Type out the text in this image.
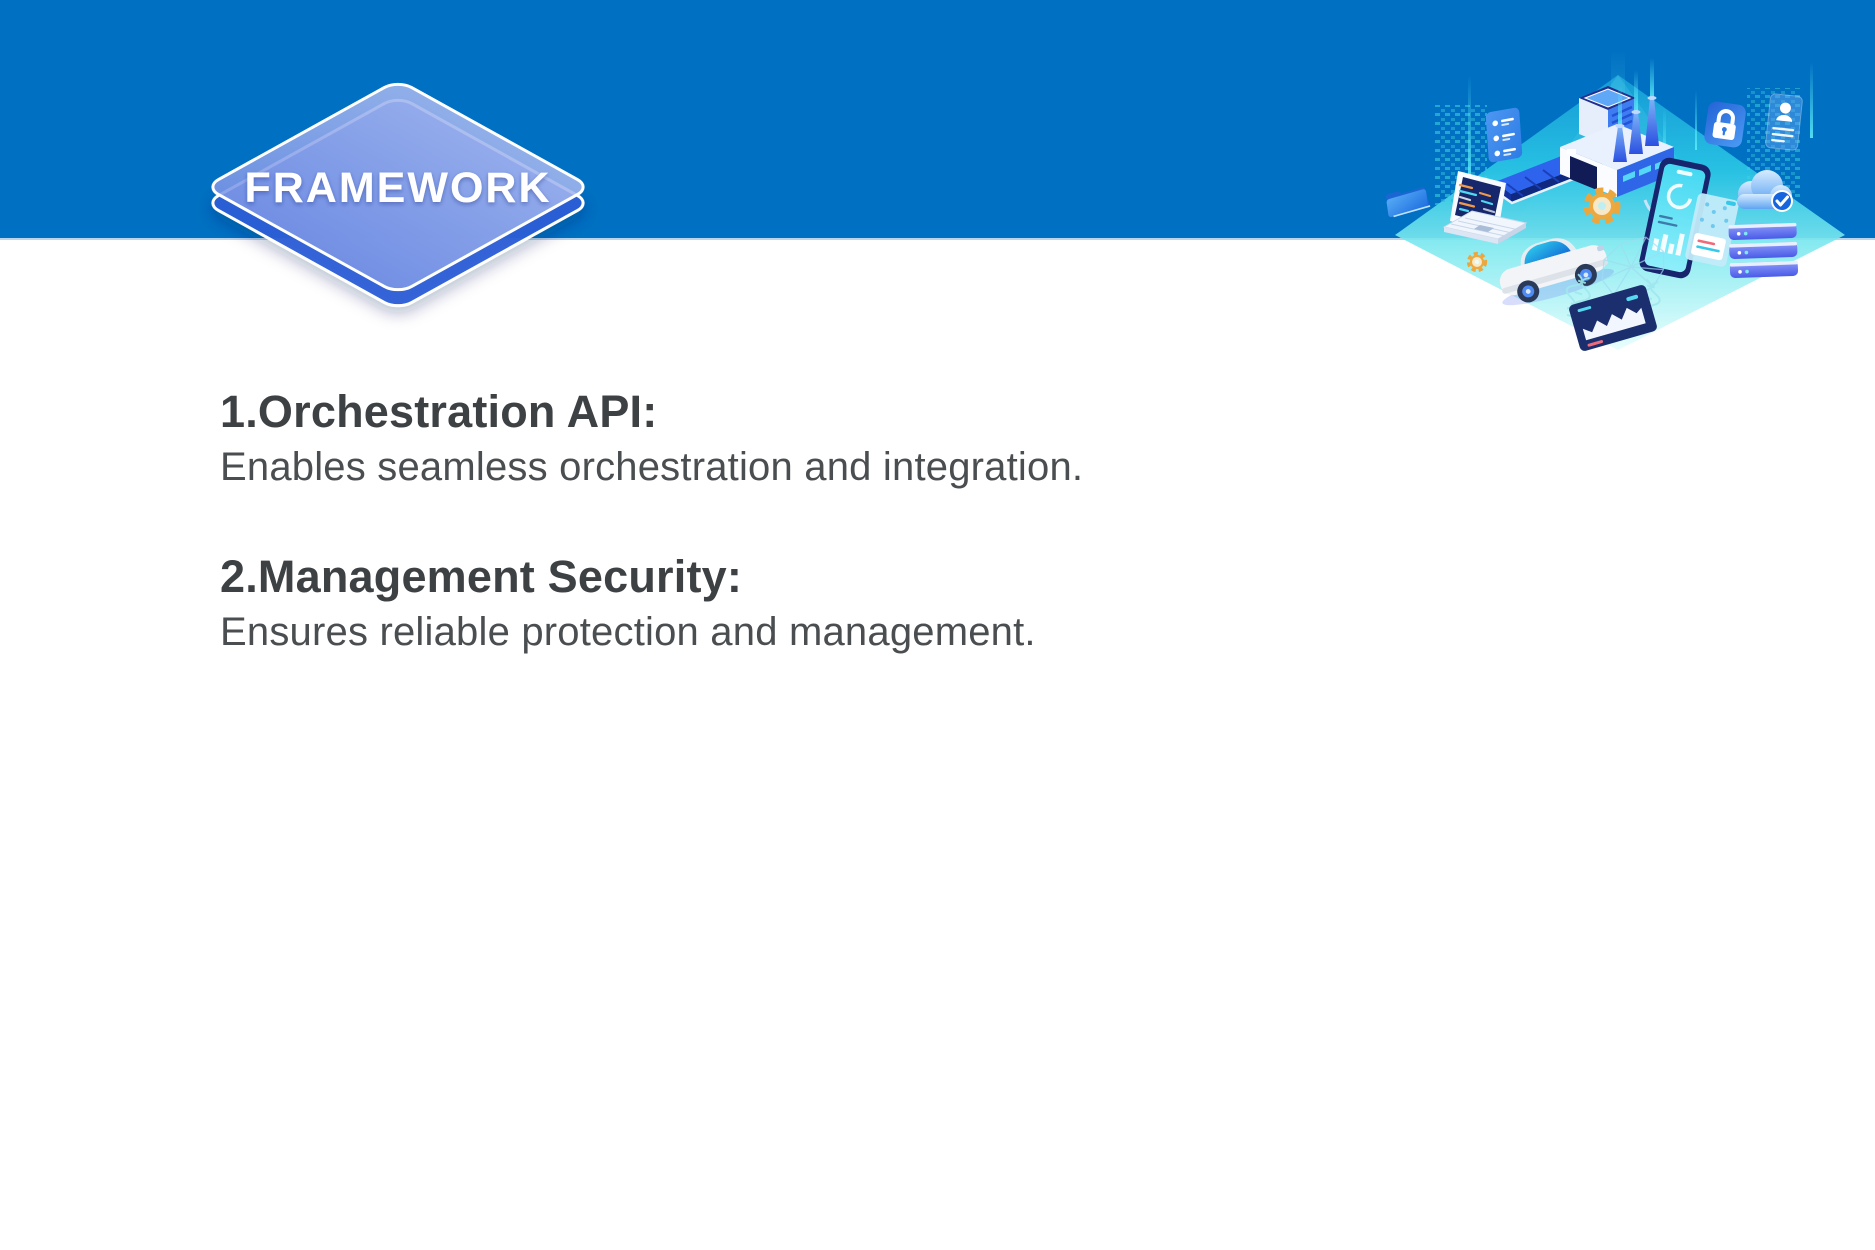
FRAMEWORK
1.Orchestration API:

Enables seamless orchestration and integration.

2.Management Security:

Ensures reliable protection and management.
